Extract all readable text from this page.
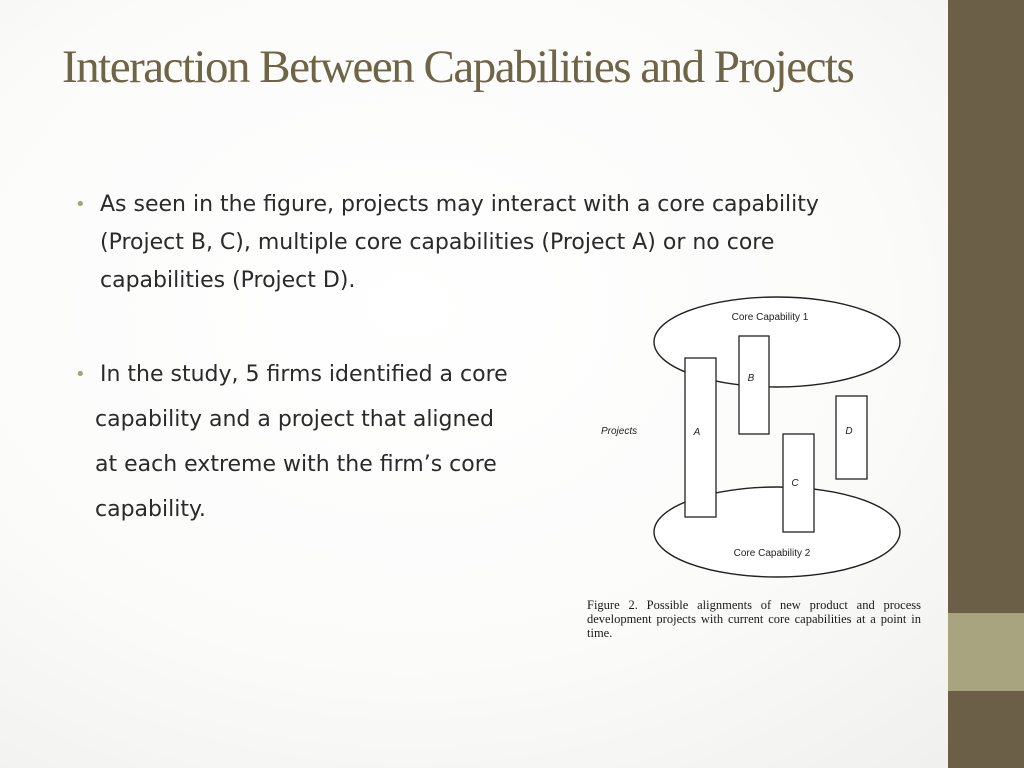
Interaction Between Capabilities and Projects
• As seen in the figure, projects may interact with a core capability (Project B, C), multiple core capabilities (Project A) or no core capabilities (Project D).
• In the study, 5 firms identified a core

capability and a project that aligned
at each extreme with the firm’s core
capability.
Core Capability 1
Core Capability 2
A
B
C
D
Projects
Figure 2. Possible alignments of new product and process development projects with current core capabilities at a point in time.
